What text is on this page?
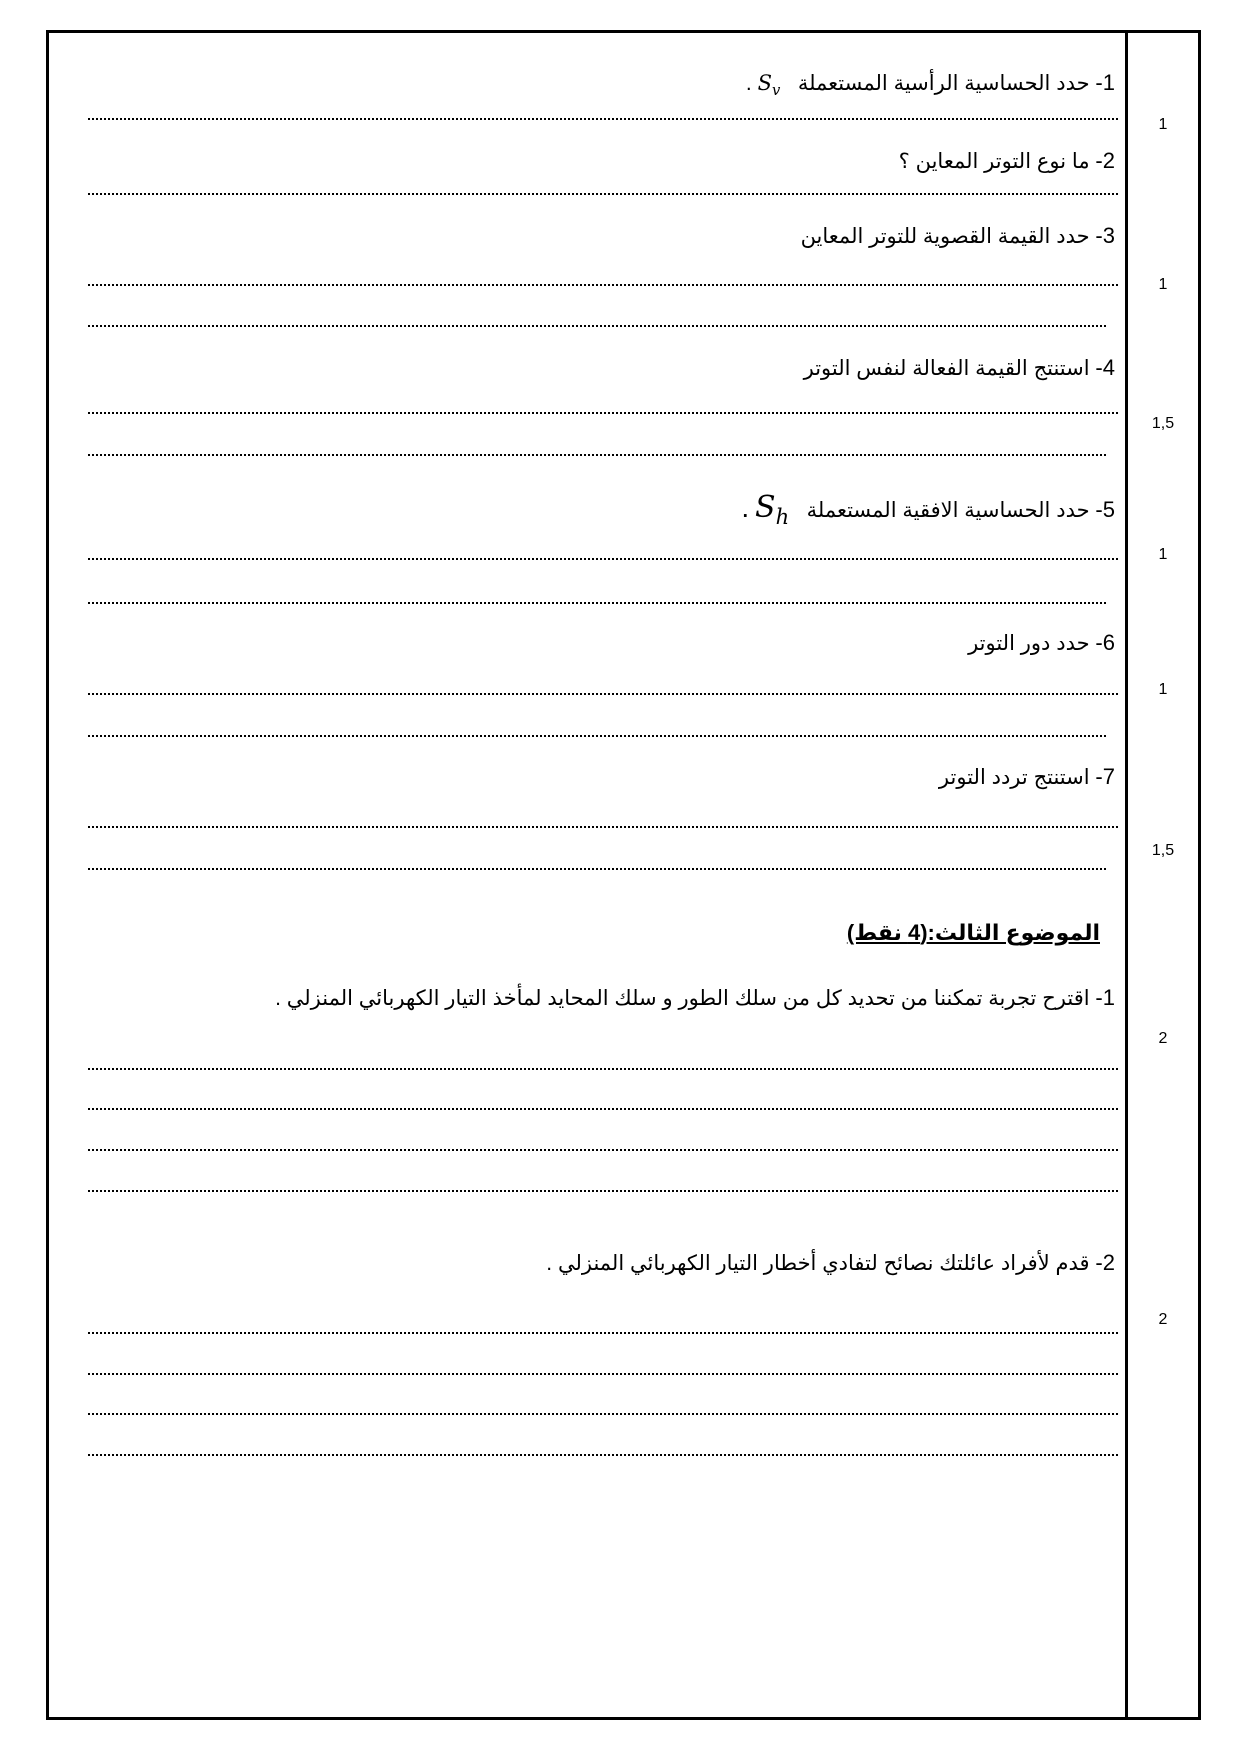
1- حدد الحساسية الرأسية المستعملة   $S_v$ .
2- ما نوع التوتر المعاين ؟
3- حدد القيمة القصوية للتوتر المعاين
4- استنتج القيمة الفعالة لنفس التوتر
5- حدد الحساسية الافقية المستعملة   $S_h$ .
6- حدد دور التوتر
7- استنتج تردد التوتر
الموضوع الثالث:(4 نقط)
1- اقترح تجربة تمكننا من تحديد كل من سلك الطور و سلك المحايد لمأخذ التيار الكهربائي المنزلي .
2- قدم لأفراد عائلتك نصائح لتفادي أخطار التيار الكهربائي المنزلي .
1
1
1,5
1
1
1,5
2
2
